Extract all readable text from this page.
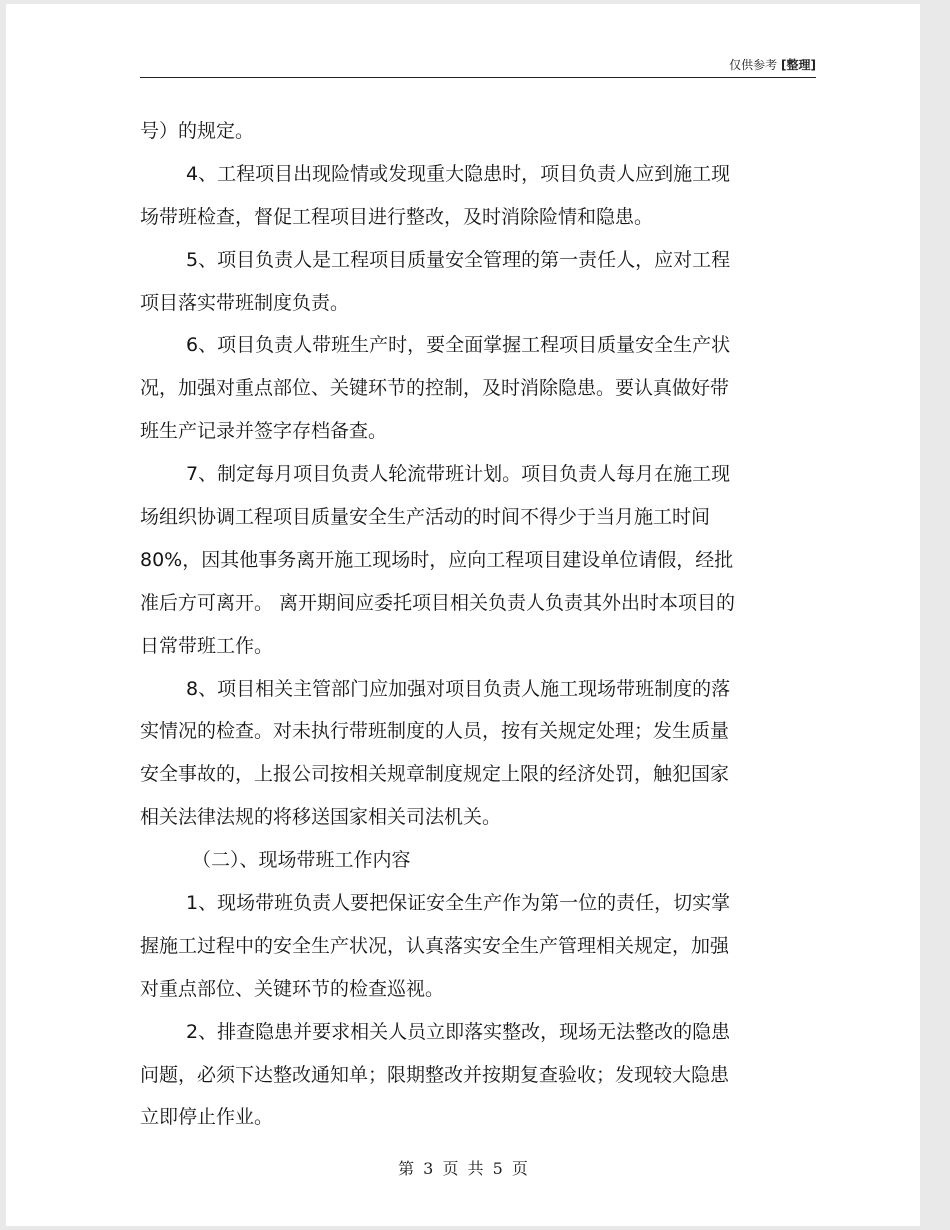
仅供参考 [整理]
号）的规定。
4、工程项目出现险情或发现重大隐患时，项目负责人应到施工现
场带班检查，督促工程项目进行整改，及时消除险情和隐患。
5、项目负责人是工程项目质量安全管理的第一责任人，应对工程
项目落实带班制度负责。
6、项目负责人带班生产时，要全面掌握工程项目质量安全生产状
况，加强对重点部位、关键环节的控制，及时消除隐患。要认真做好带
班生产记录并签字存档备查。
7、制定每月项目负责人轮流带班计划。项目负责人每月在施工现
场组织协调工程项目质量安全生产活动的时间不得少于当月施工时间
80%，因其他事务离开施工现场时，应向工程项目建设单位请假，经批
准后方可离开。 离开期间应委托项目相关负责人负责其外出时本项目的
日常带班工作。
8、项目相关主管部门应加强对项目负责人施工现场带班制度的落
实情况的检查。对未执行带班制度的人员，按有关规定处理；发生质量
安全事故的，上报公司按相关规章制度规定上限的经济处罚，触犯国家
相关法律法规的将移送国家相关司法机关。
（二）、现场带班工作内容
1、现场带班负责人要把保证安全生产作为第一位的责任，切实掌
握施工过程中的安全生产状况，认真落实安全生产管理相关规定，加强
对重点部位、关键环节的检查巡视。
2、排查隐患并要求相关人员立即落实整改，现场无法整改的隐患
问题，必须下达整改通知单；限期整改并按期复查验收；发现较大隐患
立即停止作业。
第 3 页 共 5 页
